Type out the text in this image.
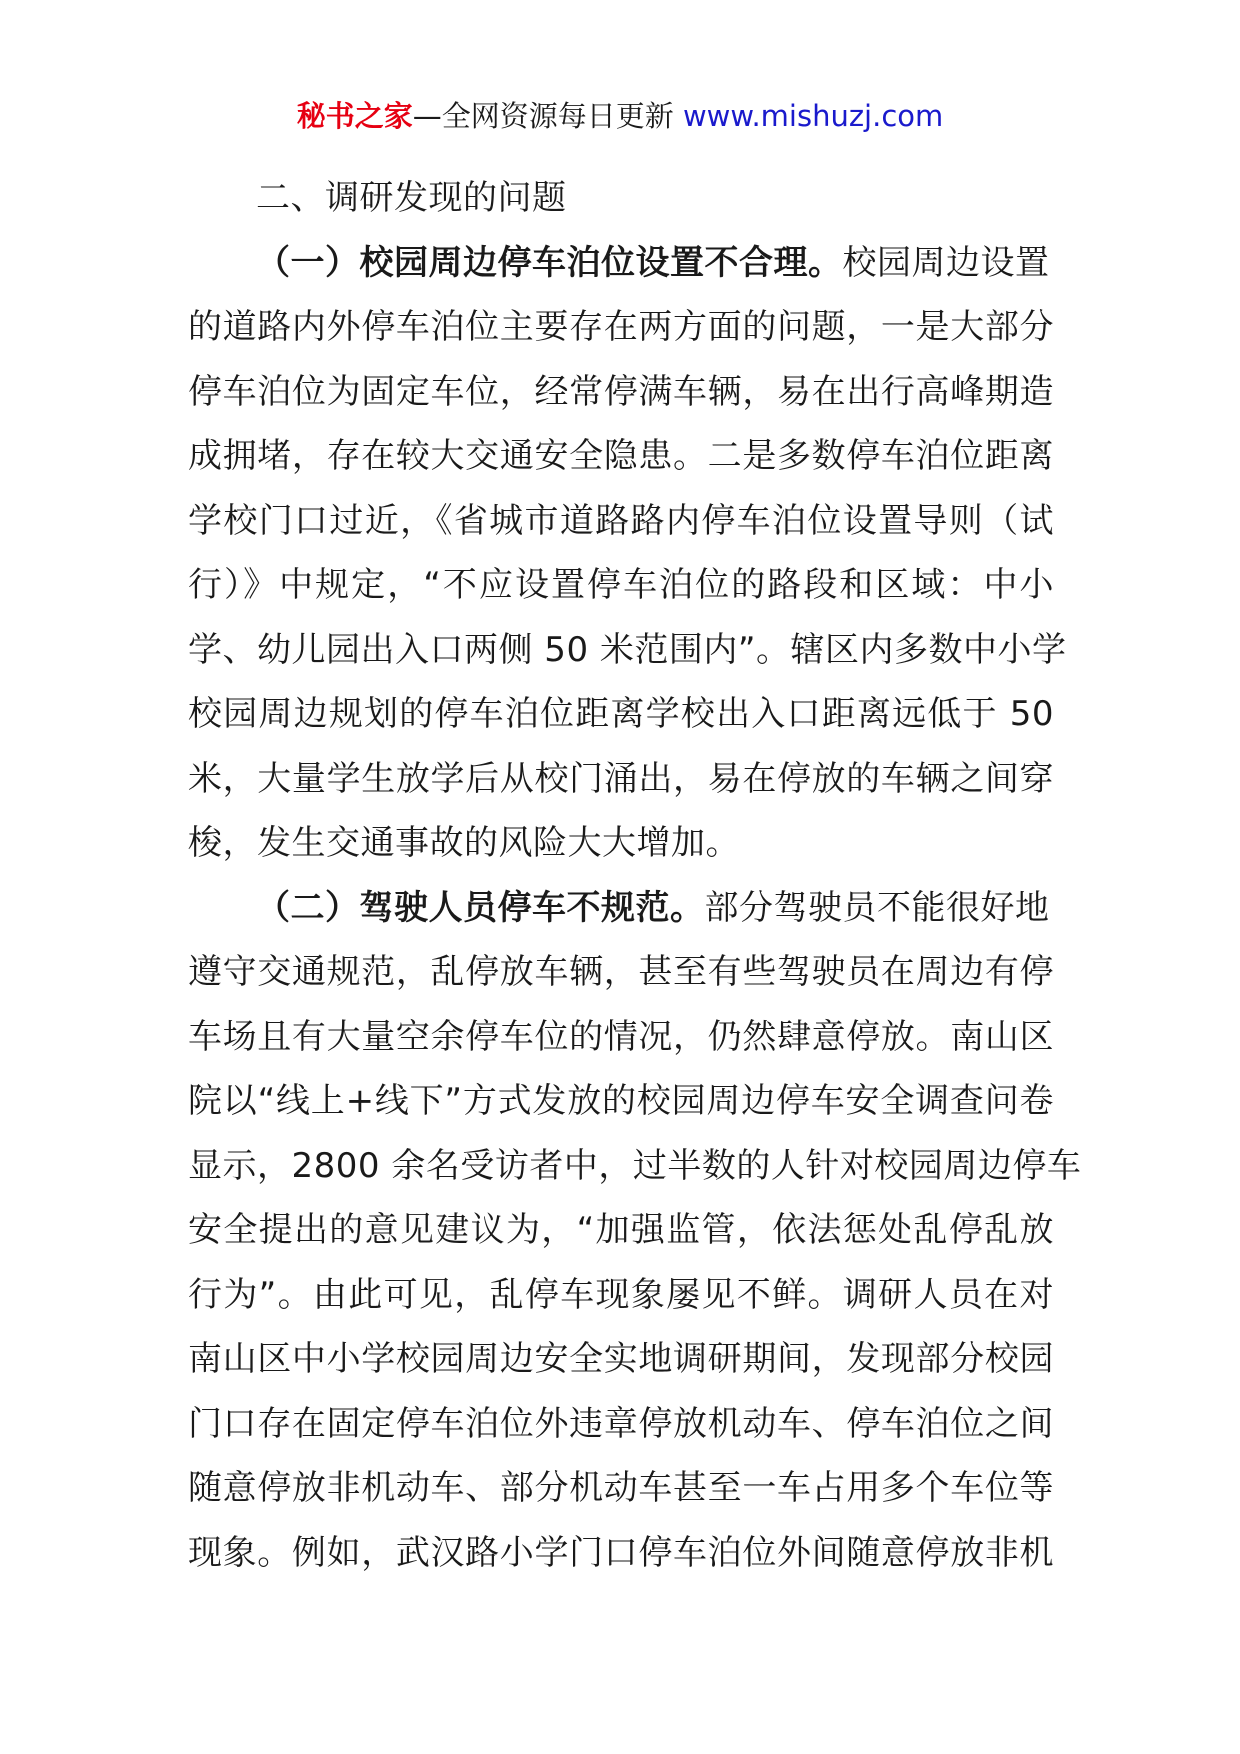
秘书之家—全网资源每日更新 www.mishuzj.com
二、调研发现的问题
（一）校园周边停车泊位设置不合理。校园周边设置
的道路内外停车泊位主要存在两方面的问题，一是大部分
停车泊位为固定车位，经常停满车辆，易在出行高峰期造
成拥堵，存在较大交通安全隐患。二是多数停车泊位距离
学校门口过近，《省城市道路路内停车泊位设置导则（试
行）》中规定，“不应设置停车泊位的路段和区域：中小
学、幼儿园出入口两侧 50 米范围内”。辖区内多数中小学
校园周边规划的停车泊位距离学校出入口距离远低于 50
米，大量学生放学后从校门涌出，易在停放的车辆之间穿
梭，发生交通事故的风险大大增加。
（二）驾驶人员停车不规范。部分驾驶员不能很好地
遵守交通规范，乱停放车辆，甚至有些驾驶员在周边有停
车场且有大量空余停车位的情况，仍然肆意停放。南山区
院以“线上+线下”方式发放的校园周边停车安全调查问卷
显示，2800 余名受访者中，过半数的人针对校园周边停车
安全提出的意见建议为，“加强监管，依法惩处乱停乱放
行为”。由此可见，乱停车现象屡见不鲜。调研人员在对
南山区中小学校园周边安全实地调研期间，发现部分校园
门口存在固定停车泊位外违章停放机动车、停车泊位之间
随意停放非机动车、部分机动车甚至一车占用多个车位等
现象。例如，武汉路小学门口停车泊位外间随意停放非机
